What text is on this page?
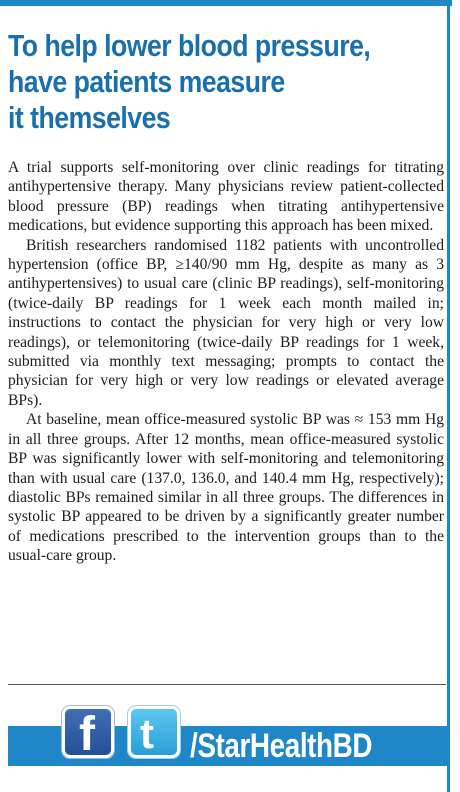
To help lower blood pressure,
have patients measure
it themselves

A trial supports self-monitoring over clinic readings for titrating antihypertensive therapy. Many physicians review patient-collected blood pressure (BP) readings when titrating antihypertensive medications, but evidence supporting this approach has been mixed.

British researchers randomised 1182 patients with uncontrolled hypertension (office BP, ≥140/90 mm Hg, despite as many as 3 antihypertensives) to usual care (clinic BP readings), self-monitoring (twice-daily BP readings for 1 week each month mailed in; instructions to contact the physician for very high or very low readings), or telemonitoring (twice-daily BP readings for 1 week, submitted via monthly text messaging; prompts to contact the physician for very high or very low readings or elevated average BPs).

At baseline, mean office-measured systolic BP was ≈ 153 mm Hg in all three groups. After 12 months, mean office-measured systolic BP was significantly lower with self-monitoring and telemonitoring than with usual care (137.0, 136.0, and 140.4 mm Hg, respectively); diastolic BPs remained similar in all three groups. The differences in systolic BP appeared to be driven by a significantly greater number of medications prescribed to the intervention groups than to the usual-care group.

f t /StarHealthBD
